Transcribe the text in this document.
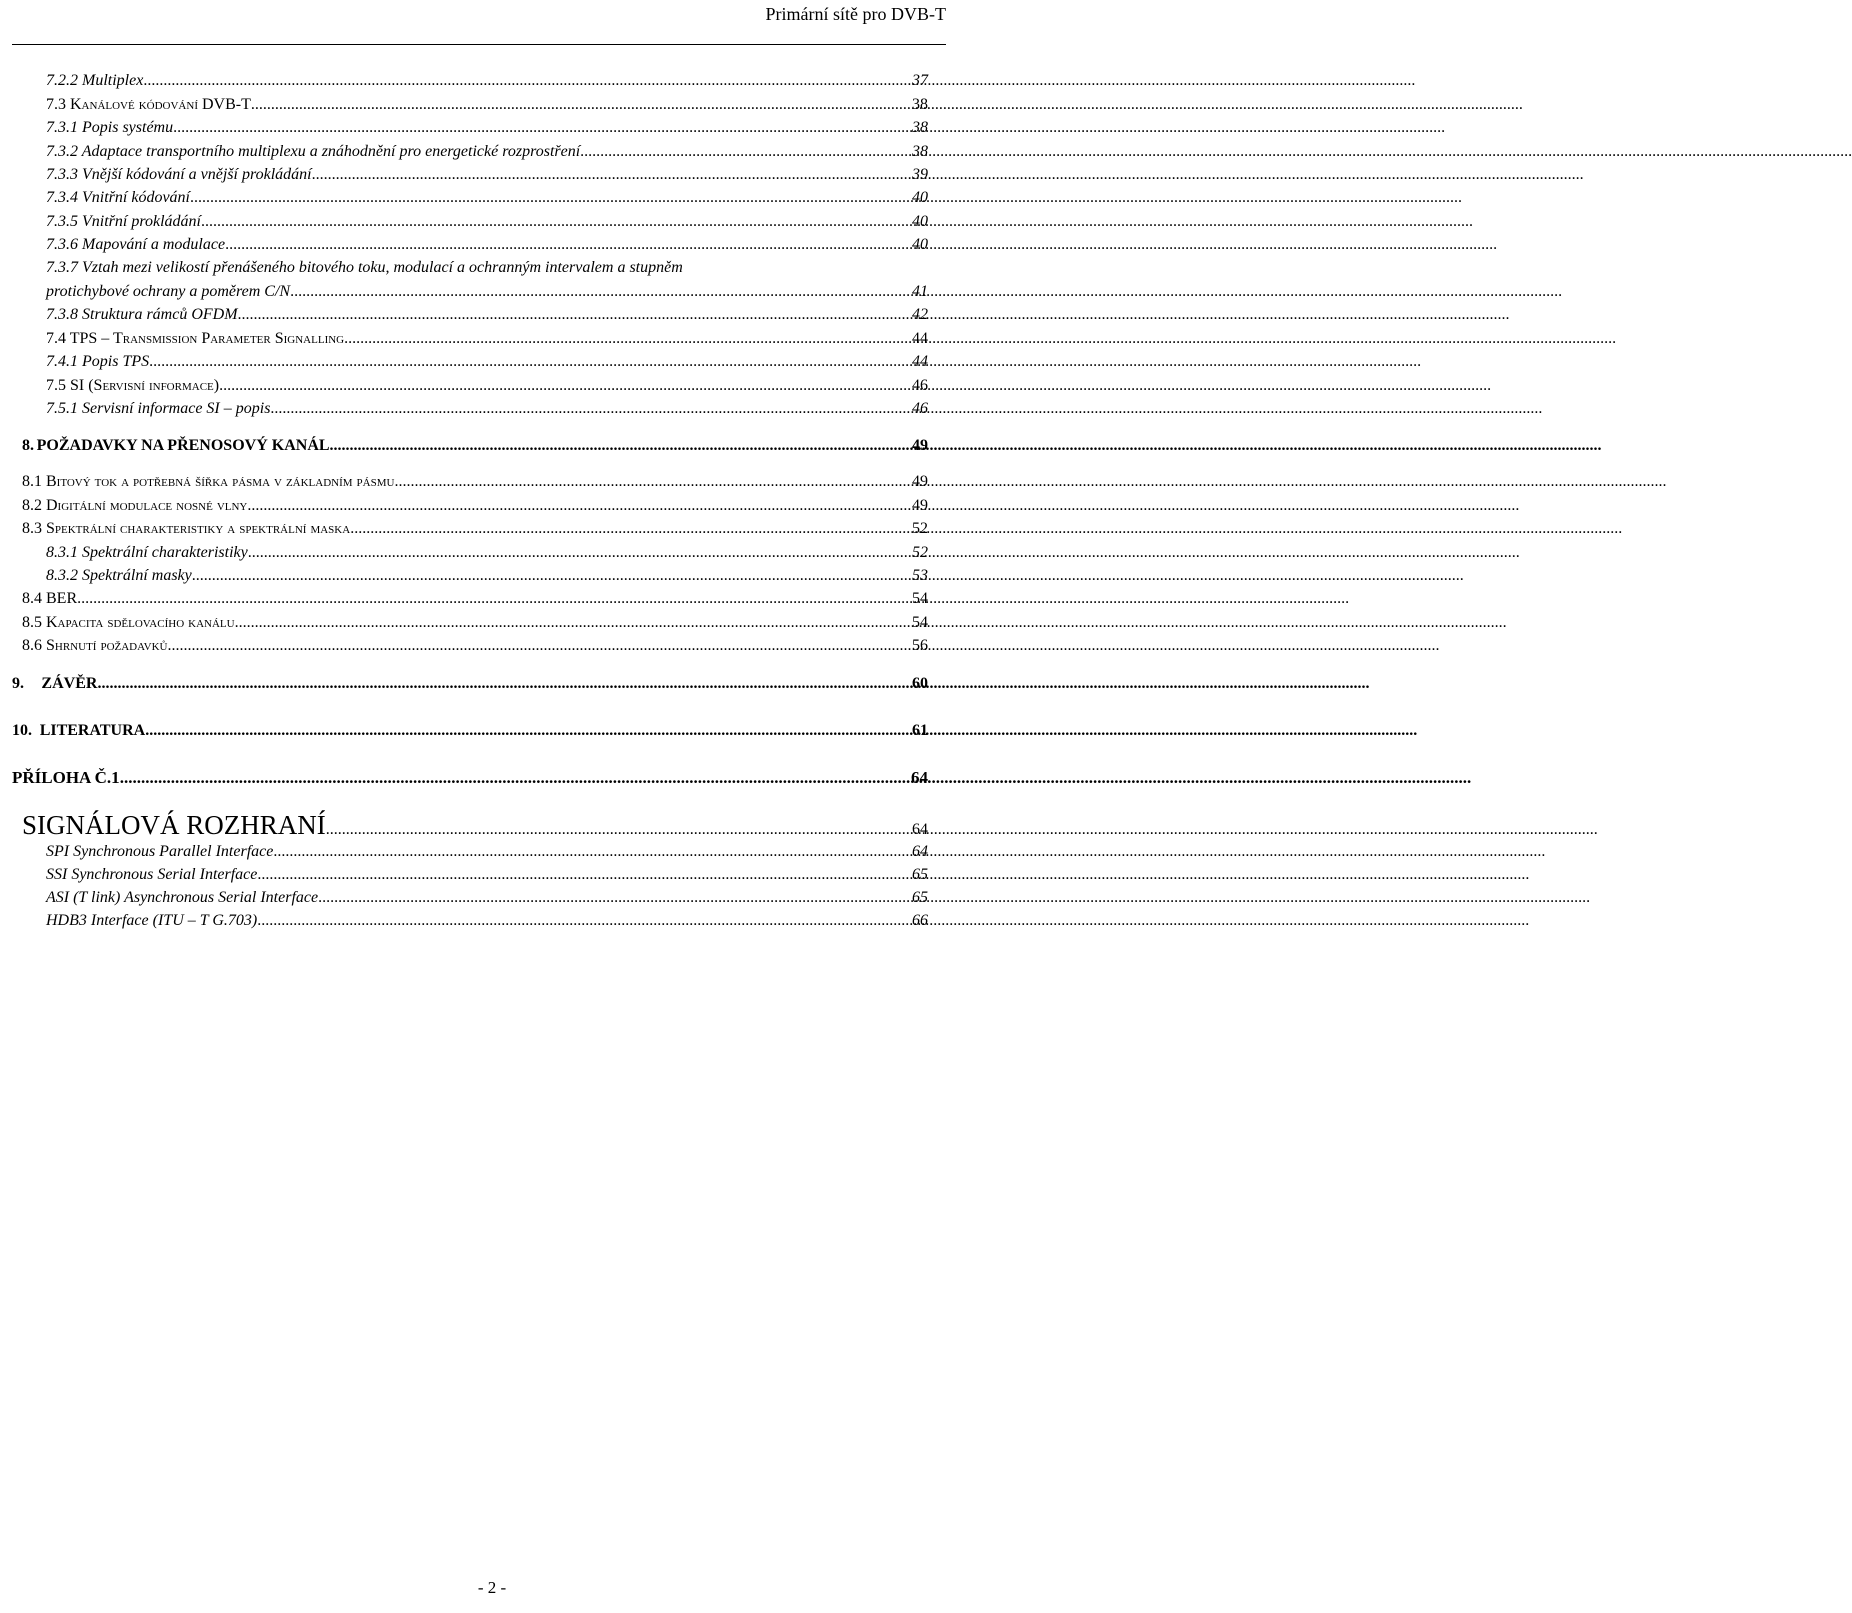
Primární sítě pro DVB-T
7.2.2 Multiplex .....	37
7.3 Kanálové kódování DVB-T .....	38
7.3.1 Popis systému .....	38
7.3.2 Adaptace transportního multiplexu a znáhodnění pro energetické rozprostření .....	38
7.3.3 Vnější kódování a vnější prokládání .....	39
7.3.4 Vnitřní kódování .....	40
7.3.5 Vnitřní prokládání .....	40
7.3.6 Mapování a modulace .....	40
7.3.7 Vztah mezi velikostí přenášeného bitového toku, modulací a ochranným intervalem a stupněm
protichybové ochrany a poměrem C/N .....	41
7.3.8 Struktura rámců OFDM .....	42
7.4 TPS – Transmission Parameter Signalling .....	44
7.4.1 Popis TPS .....	44
7.5 SI (Servisní informace) .....	46
7.5.1 Servisní informace SI – popis .....	46
8. POŽADAVKY NA PŘENOSOVÝ KANÁL .....	49
8.1 Bitový tok a potřebná šířka pásma v základním pásmu .....	49
8.2 Digitální modulace nosné vlny .....	49
8.3 Spektrální charakteristiky a spektrální maska .....	52
8.3.1 Spektrální charakteristiky .....	52
8.3.2 Spektrální masky .....	53
8.4 BER .....	54
8.5 Kapacita sdělovacího kanálu .....	54
8.6 Shrnutí požadavků .....	56
9.	ZÁVĚR .....	60
10. LITERATURA .....	61
PŘÍLOHA Č.1 .....	64
SIGNÁLOVÁ ROZHRANÍ .....	64
SPI Synchronous Parallel Interface .....	64
SSI Synchronous Serial Interface .....	65
ASI (T link) Asynchronous Serial Interface .....	65
HDB3 Interface (ITU – T G.703) .....	66
- 2 -
